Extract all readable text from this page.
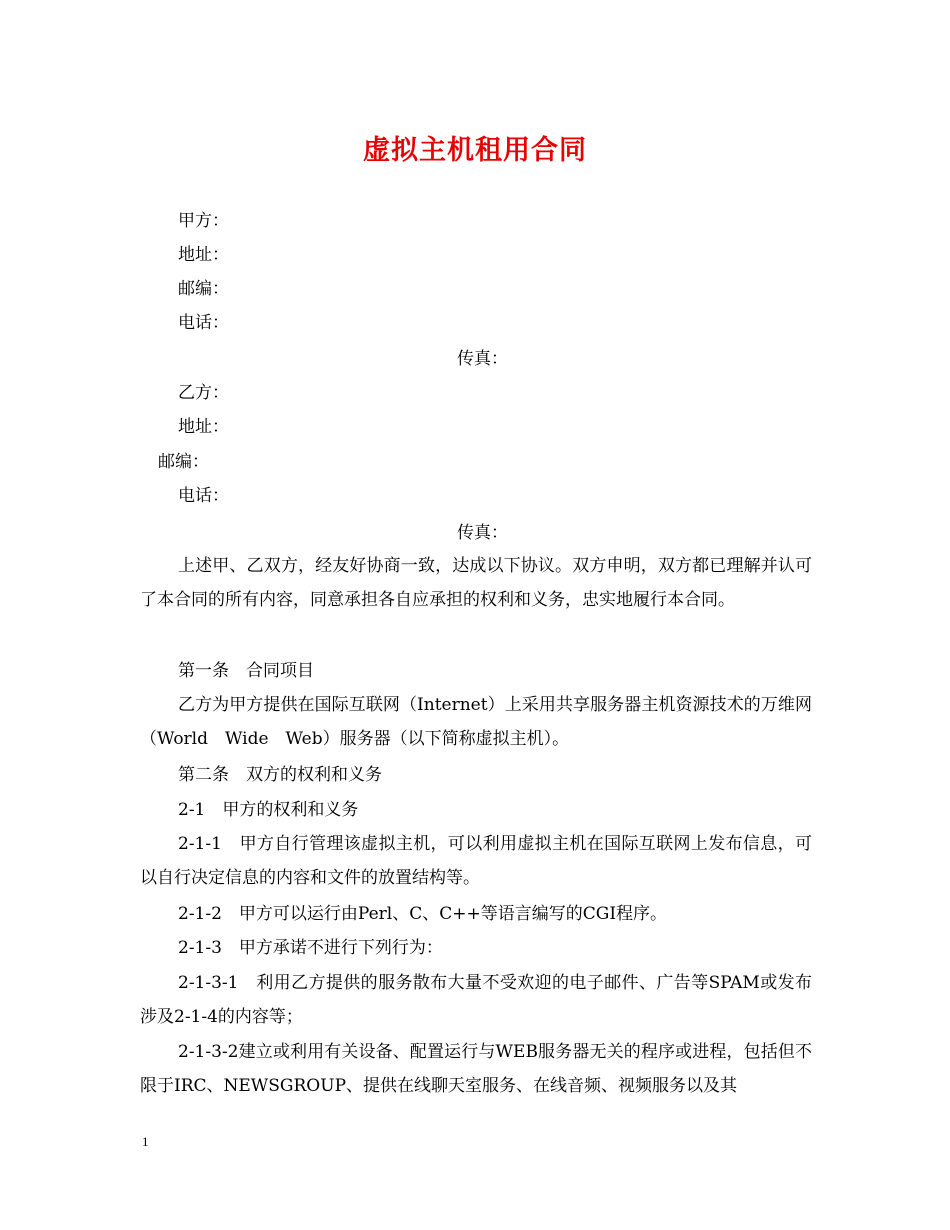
虚拟主机租用合同
甲方：
地址：
邮编：
电话：
传真：
乙方：
地址：
邮编：
电话：
传真：
上述甲、乙双方，经友好协商一致，达成以下协议。双方申明，双方都已理解并认可了本合同的所有内容，同意承担各自应承担的权利和义务，忠实地履行本合同。
第一条　合同项目
乙方为甲方提供在国际互联网（Internet）上采用共享服务器主机资源技术的万维网（World　Wide　Web）服务器（以下简称虚拟主机）。
第二条　双方的权利和义务
2-1　甲方的权利和义务
2-1-1　甲方自行管理该虚拟主机，可以利用虚拟主机在国际互联网上发布信息，可以自行决定信息的内容和文件的放置结构等。
2-1-2　甲方可以运行由Perl、C、C++等语言编写的CGI程序。
2-1-3　甲方承诺不进行下列行为：
2-1-3-1　利用乙方提供的服务散布大量不受欢迎的电子邮件、广告等SPAM或发布涉及2-1-4的内容等；
2-1-3-2建立或利用有关设备、配置运行与WEB服务器无关的程序或进程，包括但不限于IRC、NEWSGROUP、提供在线聊天室服务、在线音频、视频服务以及其
1
